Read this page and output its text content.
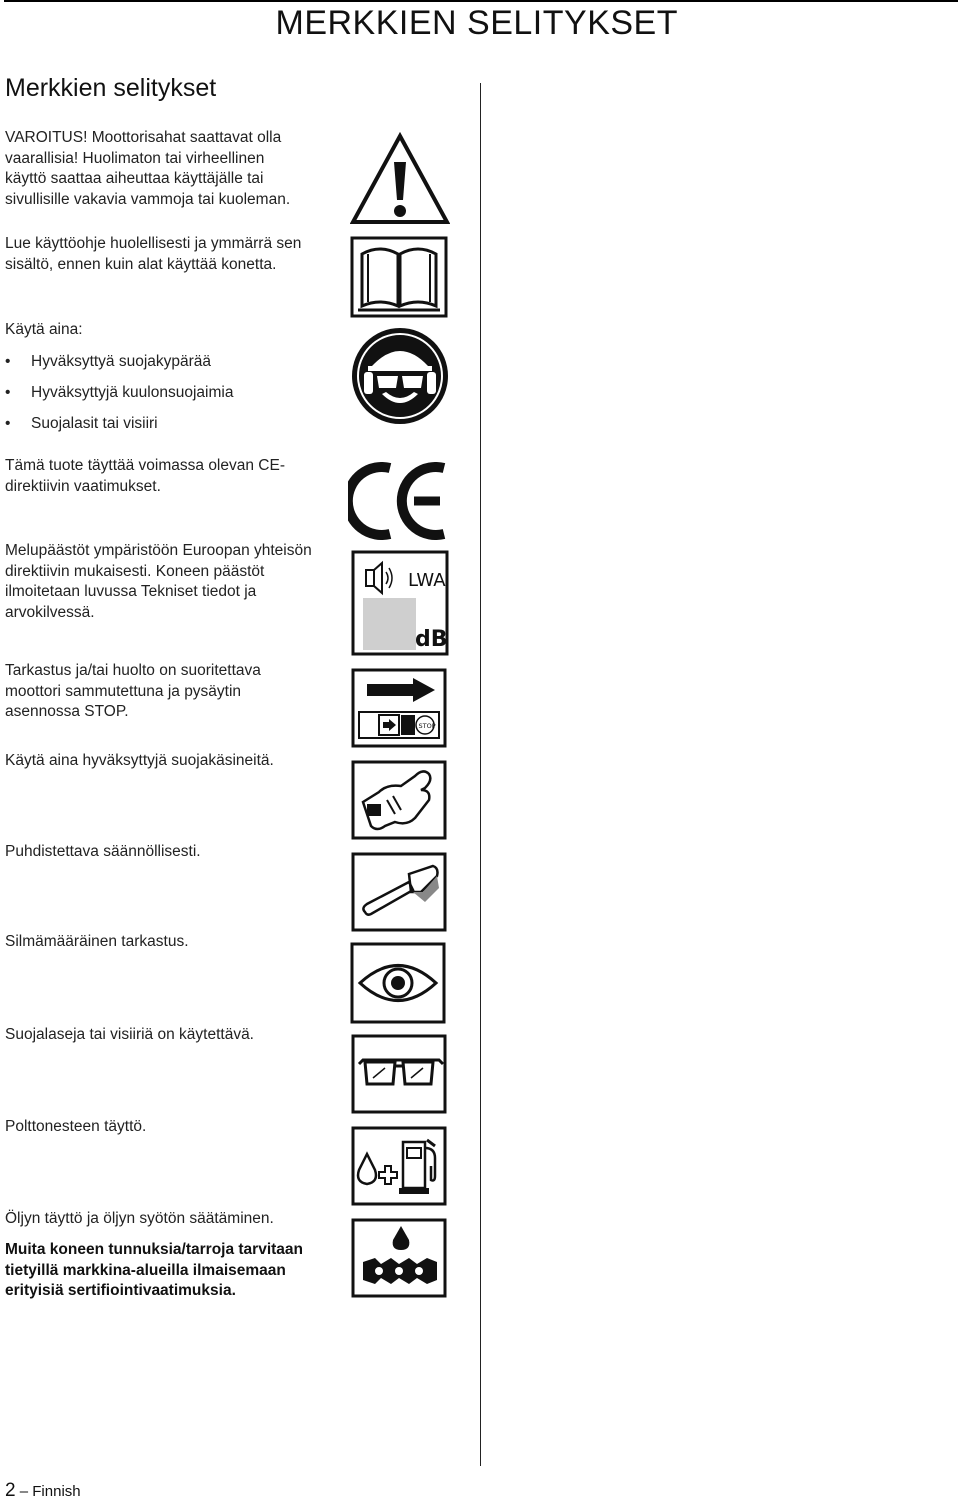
MERKKIEN SELITYKSET
Merkkien selitykset
VAROITUS! Moottorisahat saattavat olla vaarallisia! Huolimaton tai virheellinen käyttö saattaa aiheuttaa käyttäjälle tai sivullisille vakavia vammoja tai kuoleman.
Lue käyttöohje huolellisesti ja ymmärrä sen sisältö, ennen kuin alat käyttää konetta.
Käytä aina:
• Hyväksyttyä suojakypärää
• Hyväksyttyjä kuulonsuojaimia
• Suojalasit tai visiiri
Tämä tuote täyttää voimassa olevan CE-direktiivin vaatimukset.
Melupäästöt ympäristöön Euroopan yhteisön direktiivin mukaisesti. Koneen päästöt ilmoitetaan luvussa Tekniset tiedot ja arvokilvessä.
Tarkastus ja/tai huolto on suoritettava moottori sammutettuna ja pysäytin asennossa STOP.
Käytä aina hyväksyttyjä suojakäsineitä.
Puhdistettava säännöllisesti.
Silmämääräinen tarkastus.
Suojalaseja tai visiiriä on käytettävä.
Polttonesteen täyttö.
Öljyn täyttö ja öljyn syötön säätäminen.
Muita koneen tunnuksia/tarroja tarvitaan tietyillä markkina-alueilla ilmaisemaan erityisiä sertifiointivaatimuksia.
LWA
dB
STOP
2 – Finnish
